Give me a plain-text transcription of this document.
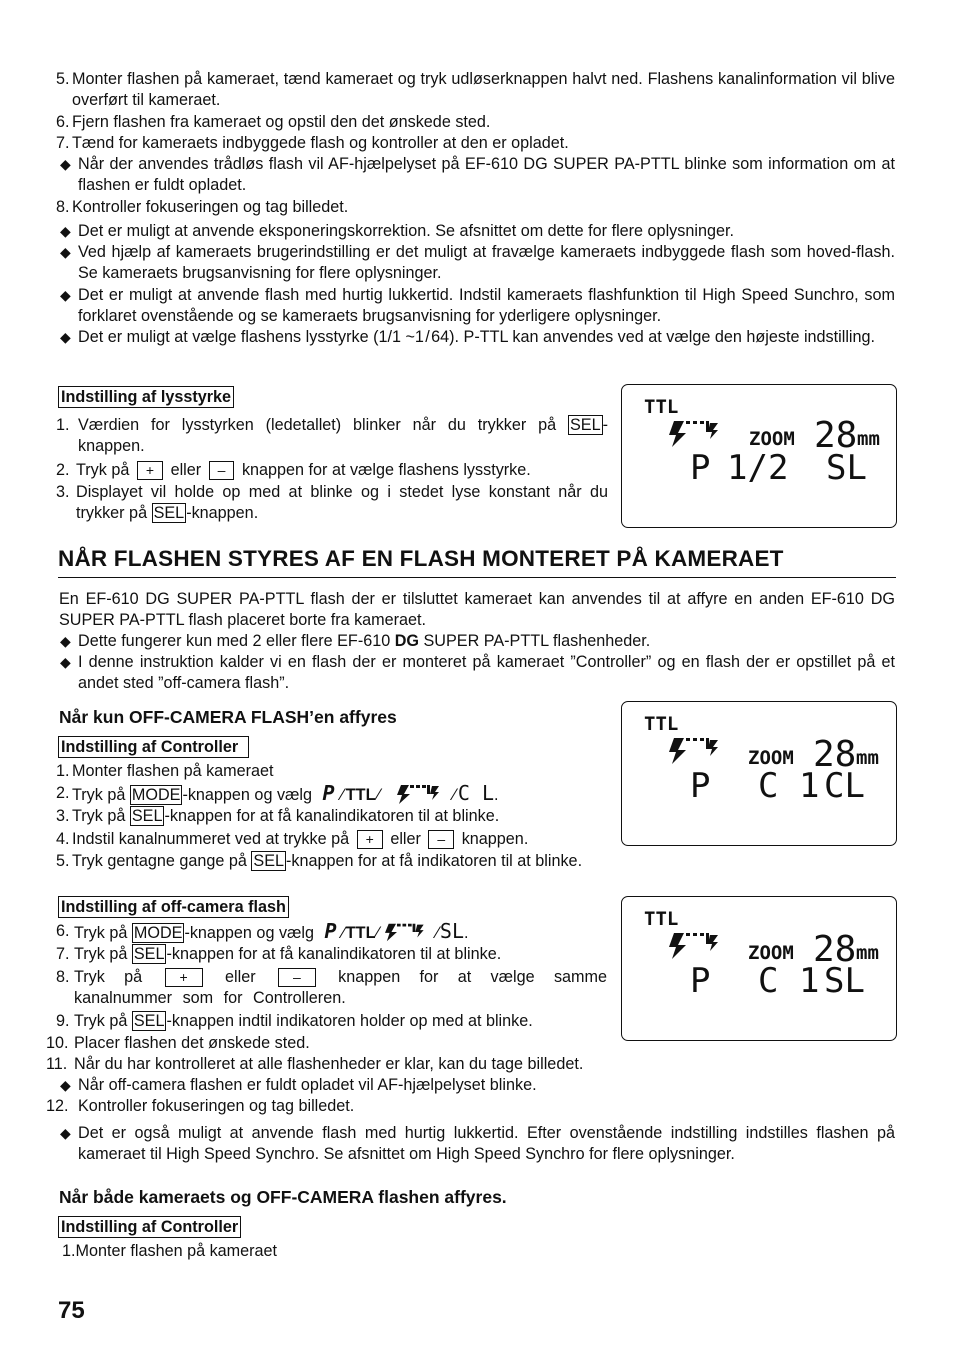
5. Monter flashen på kameraet, tænd kameraet og tryk udløserknappen halvt ned. Flashens kanalinformation vil blive overført til kameraet.
6. Fjern flashen fra kameraet og opstil den det ønskede sted.
7. Tænd for kameraets indbyggede flash og kontroller at den er opladet.
◆ Når der anvendes trådløs flash vil AF-hjælpelyset på EF-610 DG SUPER PA-PTTL blinke som information om at flashen er fuldt opladet.
8. Kontroller fokuseringen og tag billedet.
◆ Det er muligt at anvende eksponeringskorrektion. Se afsnittet om dette for flere oplysninger.
◆ Ved hjælp af kameraets brugerindstilling er det muligt at fravælge kameraets indbyggede flash som hoved-flash. Se kameraets brugsanvisning for flere oplysninger.
◆ Det er muligt at anvende flash med hurtig lukkertid. Indstil kameraets flashfunktion til High Speed Sunchro, som forklaret ovenstående og se kameraets brugsanvisning for yderligere oplysninger.
◆ Det er muligt at vælge flashens lysstyrke (1/1 ~1 / 64). P-TTL kan anvendes ved at vælge den højeste indstilling.
Indstilling af lysstyrke
1. Værdien for lysstyrken (ledetallet) blinker når du trykker på SEL -knappen.
2. Tryk på + eller – knappen for at vælge flashens lysstyrke.
3. Displayet vil holde op med at blinke og i stedet lyse konstant når du trykker på SEL -knappen.
TTL
ZOOM 28 mm
P 1/2 SL
NÅR FLASHEN STYRES AF EN FLASH MONTERET PÅ KAMERAET
En EF-610 DG SUPER PA-PTTL flash der er tilsluttet kameraet kan anvendes til at affyre en anden EF-610 DG SUPER PA-PTTL flash placeret borte fra kameraet.
◆ Dette fungerer kun med 2 eller flere EF-610 DG SUPER PA-PTTL flashenheder.
◆ I denne instruktion kalder vi en flash der er monteret på kameraet ”Controller” og en flash der er opstillet på et andet sted ”off-camera flash”.
Når kun OFF-CAMERA FLASH’en affyres
Indstilling af Controller
1. Monter flashen på kameraet
2. Tryk på MODE -knappen og vælg P ⁄ TTL ⁄	⁄ C L.
3. Tryk på SEL -knappen for at få kanalindikatoren til at blinke.
4. Indstil kanalnummeret ved at trykke på + eller – knappen.
5. Tryk gentagne gange på SEL -knappen for at få indikatoren til at blinke.
TTL
ZOOM 28 mm
P C 1 CL
Indstilling af off-camera flash
6. Tryk på MODE -knappen og vælg P ⁄TTL⁄	⁄SL.
7. Tryk på SEL -knappen for at få kanalindikatoren til at blinke.
8. Tryk på	+ eller	– knappen for at vælge samme kanalnummer som for Controlleren.
9. Tryk på SEL -knappen indtil indikatoren holder op med at blinke.
10. Placer flashen det ønskede sted.
11. Når du har kontrolleret at alle flashenheder er klar, kan du tage billedet.
◆ Når off-camera flashen er fuldt opladet vil AF-hjælpelyset blinke.
12. Kontroller fokuseringen og tag billedet.
◆ Det er også muligt at anvende flash med hurtig lukkertid. Efter ovenstående indstilling indstilles flashen på kameraet til High Speed Synchro. Se afsnittet om High Speed Synchro for flere oplysninger.
TTL
ZOOM 28 mm
P C 1 SL
Når både kameraets og OFF-CAMERA flashen affyres.
Indstilling af Controller
1.Monter flashen på kameraet
75
